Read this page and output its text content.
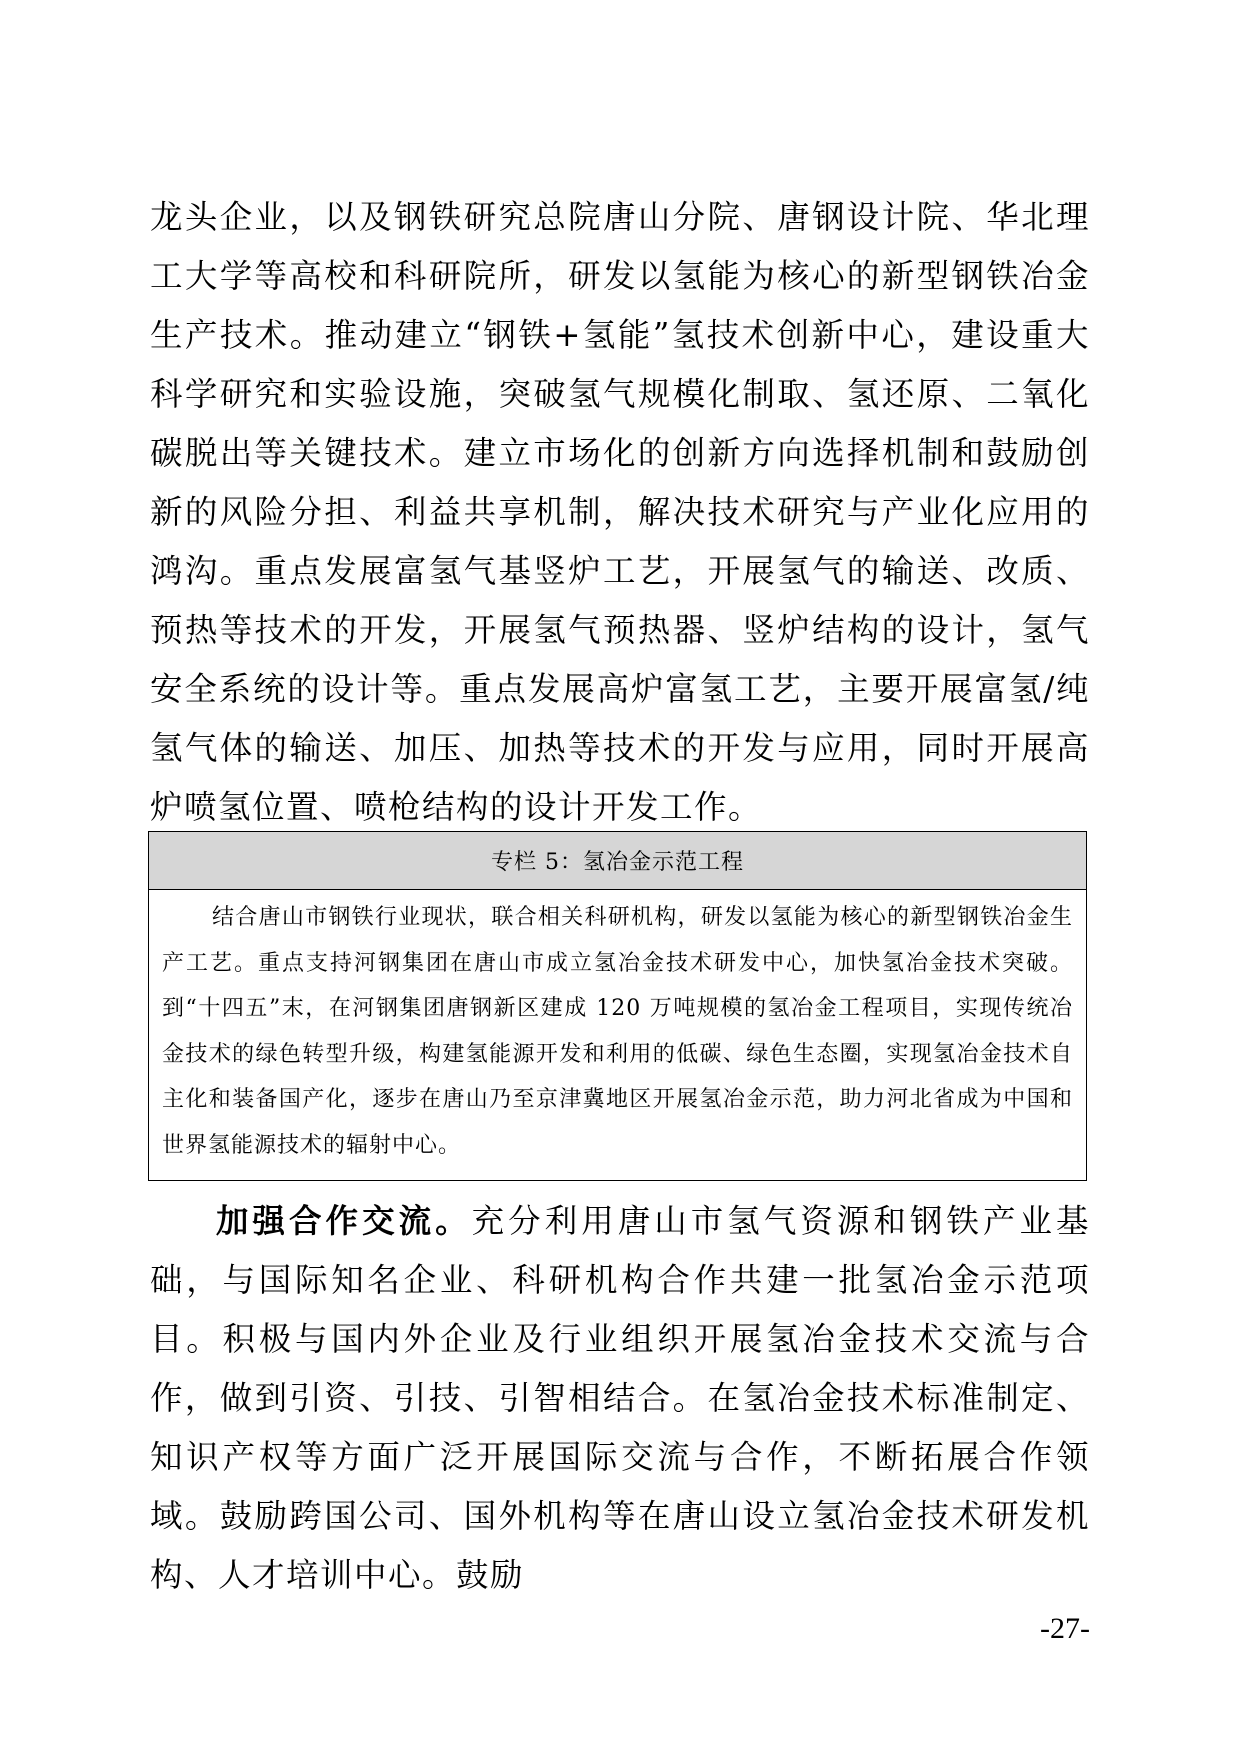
龙头企业，以及钢铁研究总院唐山分院、唐钢设计院、华北理工大学等高校和科研院所，研发以氢能为核心的新型钢铁冶金生产技术。推动建立“钢铁+氢能”氢技术创新中心，建设重大科学研究和实验设施，突破氢气规模化制取、氢还原、二氧化碳脱出等关键技术。建立市场化的创新方向选择机制和鼓励创新的风险分担、利益共享机制，解决技术研究与产业化应用的鸿沟。重点发展富氢气基竖炉工艺，开展氢气的输送、改质、预热等技术的开发，开展氢气预热器、竖炉结构的设计，氢气安全系统的设计等。重点发展高炉富氢工艺，主要开展富氢/纯氢气体的输送、加压、加热等技术的开发与应用，同时开展高炉喷氢位置、喷枪结构的设计开发工作。
专栏 5：氢冶金示范工程
结合唐山市钢铁行业现状，联合相关科研机构，研发以氢能为核心的新型钢铁冶金生产工艺。重点支持河钢集团在唐山市成立氢冶金技术研发中心，加快氢冶金技术突破。到“十四五”末，在河钢集团唐钢新区建成 120 万吨规模的氢冶金工程项目，实现传统冶金技术的绿色转型升级，构建氢能源开发和利用的低碳、绿色生态圈，实现氢冶金技术自主化和装备国产化，逐步在唐山乃至京津冀地区开展氢冶金示范，助力河北省成为中国和世界氢能源技术的辐射中心。
加强合作交流。充分利用唐山市氢气资源和钢铁产业基础，与国际知名企业、科研机构合作共建一批氢冶金示范项目。积极与国内外企业及行业组织开展氢冶金技术交流与合作，做到引资、引技、引智相结合。在氢冶金技术标准制定、知识产权等方面广泛开展国际交流与合作，不断拓展合作领域。鼓励跨国公司、国外机构等在唐山设立氢冶金技术研发机构、人才培训中心。鼓励
-27-
